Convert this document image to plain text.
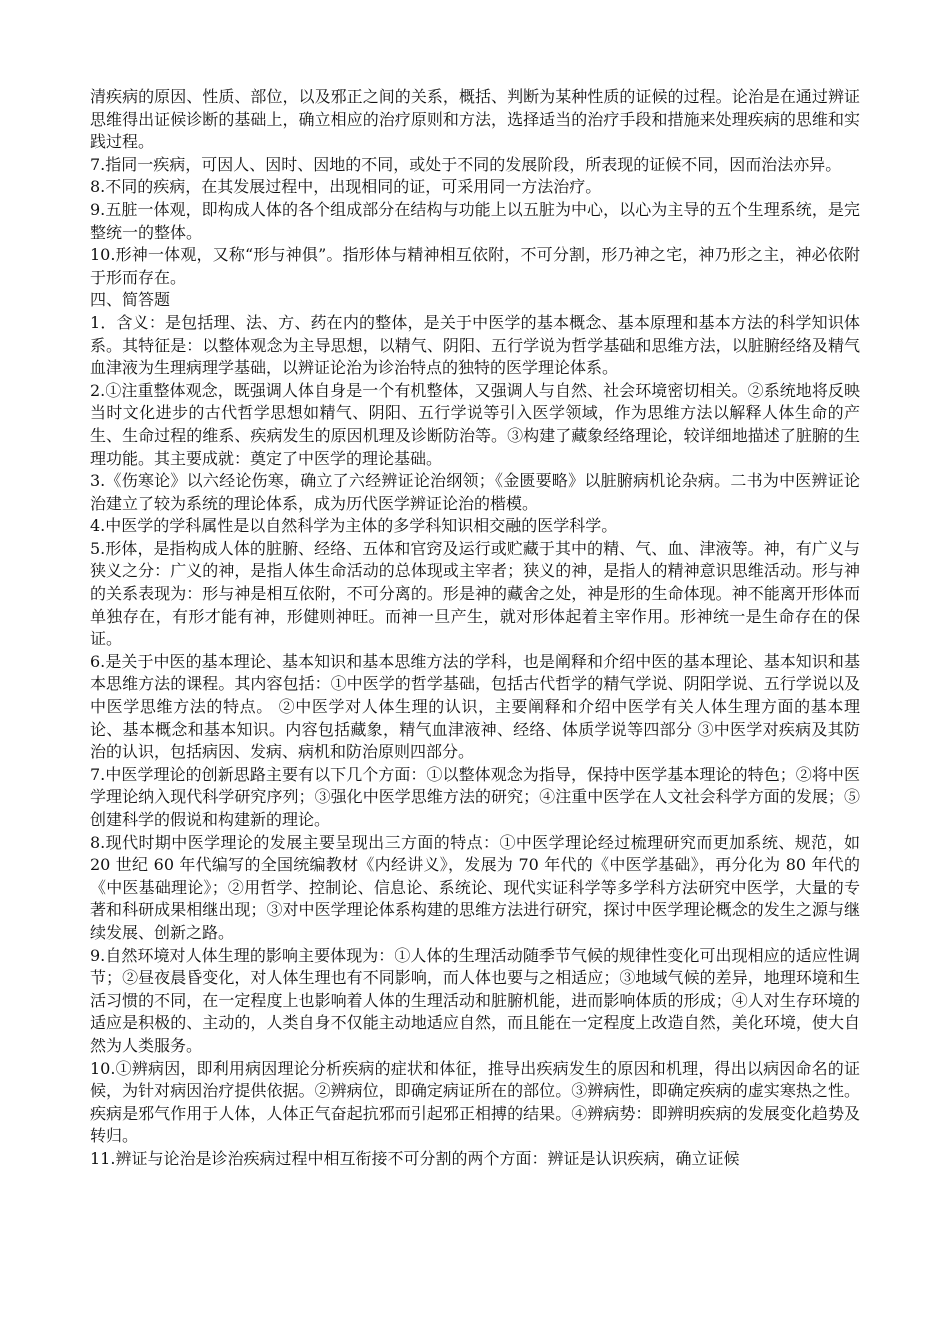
清疾病的原因、性质、部位，以及邪正之间的关系，概括、判断为某种性质的证候的过程。论治是在通过辨证思维得出证候诊断的基础上，确立相应的治疗原则和方法，选择适当的治疗手段和措施来处理疾病的思维和实践过程。

7.指同一疾病，可因人、因时、因地的不同，或处于不同的发展阶段，所表现的证候不同，因而治法亦异。

8.不同的疾病，在其发展过程中，出现相同的证，可采用同一方法治疗。

9.五脏一体观，即构成人体的各个组成部分在结构与功能上以五脏为中心，以心为主导的五个生理系统，是完整统一的整体。

10.形神一体观，又称“形与神俱”。指形体与精神相互依附，不可分割，形乃神之宅，神乃形之主，神必依附于形而存在。

四、简答题

1．含义：是包括理、法、方、药在内的整体，是关于中医学的基本概念、基本原理和基本方法的科学知识体系。其特征是：以整体观念为主导思想，以精气、阴阳、五行学说为哲学基础和思维方法，以脏腑经络及精气血津液为生理病理学基础，以辨证论治为诊治特点的独特的医学理论体系。

2.①注重整体观念，既强调人体自身是一个有机整体，又强调人与自然、社会环境密切相关。②系统地将反映当时文化进步的古代哲学思想如精气、阴阳、五行学说等引入医学领域，作为思维方法以解释人体生命的产生、生命过程的维系、疾病发生的原因机理及诊断防治等。③构建了藏象经络理论，较详细地描述了脏腑的生理功能。其主要成就：奠定了中医学的理论基础。

3.《伤寒论》以六经论伤寒，确立了六经辨证论治纲领；《金匮要略》以脏腑病机论杂病。二书为中医辨证论治建立了较为系统的理论体系，成为历代医学辨证论治的楷模。

4.中医学的学科属性是以自然科学为主体的多学科知识相交融的医学科学。

5.形体，是指构成人体的脏腑、经络、五体和官窍及运行或贮藏于其中的精、气、血、津液等。神，有广义与狭义之分：广义的神，是指人体生命活动的总体现或主宰者；狭义的神，是指人的精神意识思维活动。形与神的关系表现为：形与神是相互依附，不可分离的。形是神的藏舍之处，神是形的生命体现。神不能离开形体而单独存在，有形才能有神，形健则神旺。而神一旦产生，就对形体起着主宰作用。形神统一是生命存在的保证。

6.是关于中医的基本理论、基本知识和基本思维方法的学科，也是阐释和介绍中医的基本理论、基本知识和基本思维方法的课程。其内容包括：①中医学的哲学基础，包括古代哲学的精气学说、阴阳学说、五行学说以及中医学思维方法的特点。 ②中医学对人体生理的认识，主要阐释和介绍中医学有关人体生理方面的基本理论、基本概念和基本知识。内容包括藏象，精气血津液神、经络、体质学说等四部分 ③中医学对疾病及其防治的认识，包括病因、发病、病机和防治原则四部分。

7.中医学理论的创新思路主要有以下几个方面：①以整体观念为指导，保持中医学基本理论的特色；②将中医学理论纳入现代科学研究序列；③强化中医学思维方法的研究；④注重中医学在人文社会科学方面的发展；⑤创建科学的假说和构建新的理论。

8.现代时期中医学理论的发展主要呈现出三方面的特点：①中医学理论经过梳理研究而更加系统、规范，如 20 世纪 60 年代编写的全国统编教材《内经讲义》，发展为 70 年代的《中医学基础》，再分化为 80 年代的《中医基础理论》；②用哲学、控制论、信息论、系统论、现代实证科学等多学科方法研究中医学，大量的专著和科研成果相继出现；③对中医学理论体系构建的思维方法进行研究，探讨中医学理论概念的发生之源与继续发展、创新之路。

9.自然环境对人体生理的影响主要体现为：①人体的生理活动随季节气候的规律性变化可出现相应的适应性调节；②昼夜晨昏变化，对人体生理也有不同影响，而人体也要与之相适应；③地域气候的差异，地理环境和生活习惯的不同，在一定程度上也影响着人体的生理活动和脏腑机能，进而影响体质的形成；④人对生存环境的适应是积极的、主动的，人类自身不仅能主动地适应自然，而且能在一定程度上改造自然，美化环境，使大自然为人类服务。

10.①辨病因，即利用病因理论分析疾病的症状和体征，推导出疾病发生的原因和机理，得出以病因命名的证候，为针对病因治疗提供依据。②辨病位，即确定病证所在的部位。③辨病性，即确定疾病的虚实寒热之性。疾病是邪气作用于人体，人体正气奋起抗邪而引起邪正相搏的结果。④辨病势：即辨明疾病的发展变化趋势及转归。

11.辨证与论治是诊治疾病过程中相互衔接不可分割的两个方面：辨证是认识疾病，确立证候
